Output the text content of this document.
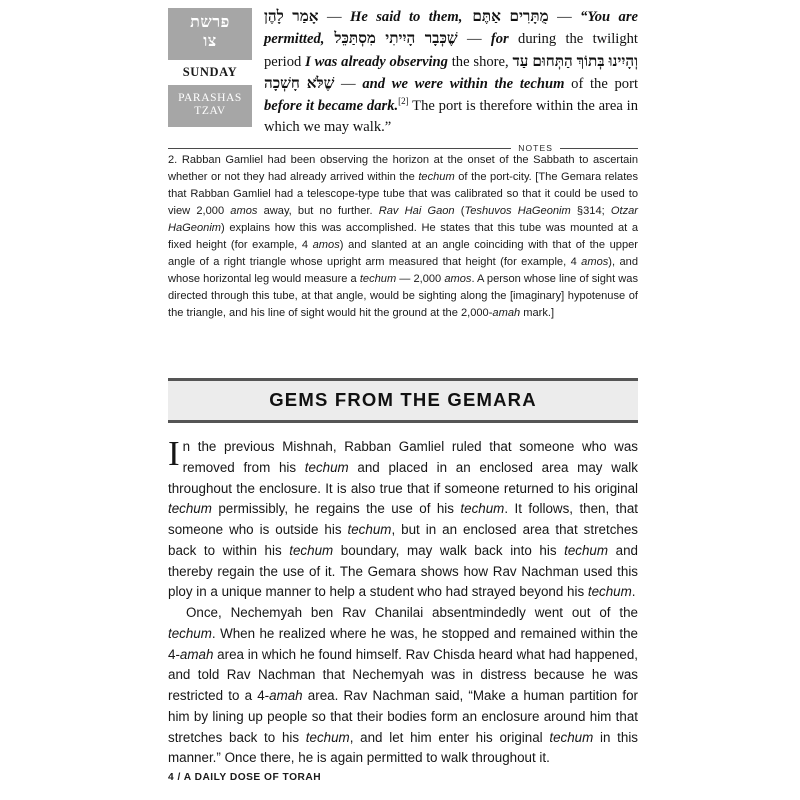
פרשת
צו
SUNDAY
PARASHAS
TZAV
אָמַר לָהֶן — He said to them, מֻתָּרִים אַתֶּם — “You are permitted, שֶׁכְּבָר הָיִיתִי מִסְתַּכֵּל — for during the twilight period I was already observing the shore, וְהָיִינוּ בְּתוֹךְ הַתְּחוּם עַד שֶׁלֹּא חָשְׁכָה — and we were within the techum of the port before it became dark.[2] The port is therefore within the area in which we may walk.”
NOTES
2. Rabban Gamliel had been observing the horizon at the onset of the Sabbath to ascertain whether or not they had already arrived within the techum of the port-city. [The Gemara relates that Rabban Gamliel had a telescope-type tube that was calibrated so that it could be used to view 2,000 amos away, but no further. Rav Hai Gaon (Teshuvos HaGeonim §314; Otzar HaGeonim) explains how this was accomplished. He states that this tube was mounted at a fixed height (for example, 4 amos) and slanted at an angle coinciding with that of the upper angle of a right triangle whose upright arm measured that height (for example, 4 amos), and whose horizontal leg would measure a techum — 2,000 amos. A person whose line of sight was directed through this tube, at that angle, would be sighting along the [imaginary] hypotenuse of the triangle, and his line of sight would hit the ground at the 2,000-amah mark.]
GEMS FROM THE GEMARA

In the previous Mishnah, Rabban Gamliel ruled that someone who was removed from his techum and placed in an enclosed area may walk throughout the enclosure. It is also true that if someone returned to his original techum permissibly, he regains the use of his techum. It follows, then, that someone who is outside his techum, but in an enclosed area that stretches back to within his techum boundary, may walk back into his techum and thereby regain the use of it. The Gemara shows how Rav Nachman used this ploy in a unique manner to help a student who had strayed beyond his techum.

Once, Nechemyah ben Rav Chanilai absentmindedly went out of the techum. When he realized where he was, he stopped and remained within the 4-amah area in which he found himself. Rav Chisda heard what had happened, and told Rav Nachman that Nechemyah was in distress because he was restricted to a 4-amah area. Rav Nachman said, “Make a human partition for him by lining up people so that their bodies form an enclosure around him that stretches back to his techum, and let him enter his original techum in this manner.” Once there, he is again permitted to walk throughout it.

4 / A DAILY DOSE OF TORAH
